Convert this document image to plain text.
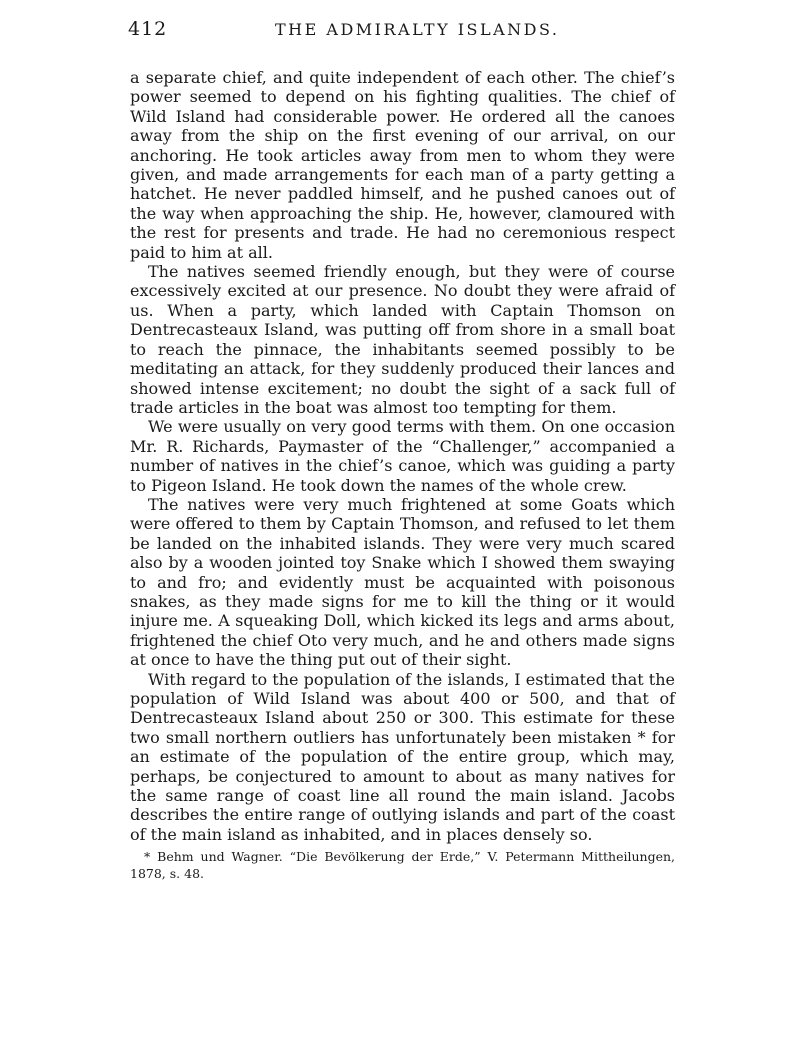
412	THE ADMIRALTY ISLANDS.

a separate chief, and quite independent of each other. The chief’s power seemed to depend on his fighting qualities. The chief of Wild Island had considerable power. He ordered all the canoes away from the ship on the first evening of our arrival, on our anchoring. He took articles away from men to whom they were given, and made arrangements for each man of a party getting a hatchet. He never paddled himself, and he pushed canoes out of the way when approaching the ship. He, however, clamoured with the rest for presents and trade. He had no ceremonious respect paid to him at all.

The natives seemed friendly enough, but they were of course excessively excited at our presence. No doubt they were afraid of us. When a party, which landed with Captain Thomson on Dentrecasteaux Island, was putting off from shore in a small boat to reach the pinnace, the inhabitants seemed possibly to be meditating an attack, for they suddenly produced their lances and showed intense excitement; no doubt the sight of a sack full of trade articles in the boat was almost too tempting for them.

We were usually on very good terms with them. On one occasion Mr. R. Richards, Paymaster of the “Challenger,” accompanied a number of natives in the chief’s canoe, which was guiding a party to Pigeon Island. He took down the names of the whole crew.

The natives were very much frightened at some Goats which were offered to them by Captain Thomson, and refused to let them be landed on the inhabited islands. They were very much scared also by a wooden jointed toy Snake which I showed them swaying to and fro; and evidently must be acquainted with poisonous snakes, as they made signs for me to kill the thing or it would injure me. A squeaking Doll, which kicked its legs and arms about, frightened the chief Oto very much, and he and others made signs at once to have the thing put out of their sight.

With regard to the population of the islands, I estimated that the population of Wild Island was about 400 or 500, and that of Dentrecasteaux Island about 250 or 300. This estimate for these two small northern outliers has unfortunately been mistaken * for an estimate of the population of the entire group, which may, perhaps, be conjectured to amount to about as many natives for the same range of coast line all round the main island. Jacobs describes the entire range of outlying islands and part of the coast of the main island as inhabited, and in places densely so.

* Behm und Wagner. “Die Bevölkerung der Erde,” V. Petermann Mittheilungen, 1878, s. 48.
